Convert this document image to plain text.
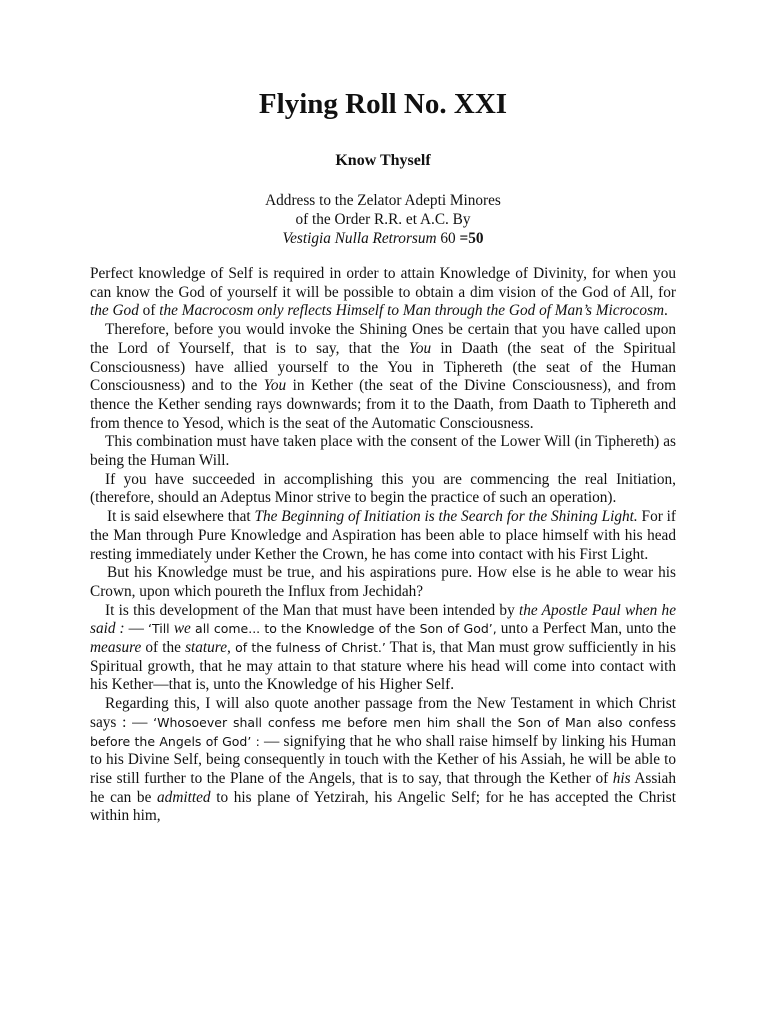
Flying Roll No. XXI
Know Thyself
Address to the Zelator Adepti Minores
of the Order R.R. et A.C. By
Vestigia Nulla Retrorsum 60 =50

Perfect knowledge of Self is required in order to attain Knowledge of Divinity, for when you can know the God of yourself it will be possible to obtain a dim vision of the God of All, for the God of the Macrocosm only reflects Himself to Man through the God of Man’s Microcosm.

Therefore, before you would invoke the Shining Ones be certain that you have called upon the Lord of Yourself, that is to say, that the You in Daath (the seat of the Spiritual Consciousness) have allied yourself to the You in Tiphereth (the seat of the Human Consciousness) and to the You in Kether (the seat of the Divine Consciousness), and from thence the Kether sending rays downwards; from it to the Daath, from Daath to Tiphereth and from thence to Yesod, which is the seat of the Automatic Consciousness.

This combination must have taken place with the consent of the Lower Will (in Tiphereth) as being the Human Will.

If you have succeeded in accomplishing this you are commencing the real Initiation, (therefore, should an Adeptus Minor strive to begin the practice of such an operation).

It is said elsewhere that The Beginning of Initiation is the Search for the Shining Light. For if the Man through Pure Knowledge and Aspiration has been able to place himself with his head resting immediately under Kether the Crown, he has come into contact with his First Light.

But his Knowledge must be true, and his aspirations pure. How else is he able to wear his Crown, upon which poureth the Influx from Jechidah?

It is this development of the Man that must have been intended by the Apostle Paul when he said : — ‘Till we all come... to the Knowledge of the Son of God’, unto a Perfect Man, unto the measure of the stature, of the fulness of Christ.’ That is, that Man must grow sufficiently in his Spiritual growth, that he may attain to that stature where his head will come into contact with his Kether—that is, unto the Knowledge of his Higher Self.

Regarding this, I will also quote another passage from the New Testament in which Christ says : — ‘Whosoever shall confess me before men him shall the Son of Man also confess before the Angels of God’ : — signifying that he who shall raise himself by linking his Human to his Divine Self, being consequently in touch with the Kether of his Assiah, he will be able to rise still further to the Plane of the Angels, that is to say, that through the Kether of his Assiah he can be admitted to his plane of Yetzirah, his Angelic Self; for he has accepted the Christ within him,
